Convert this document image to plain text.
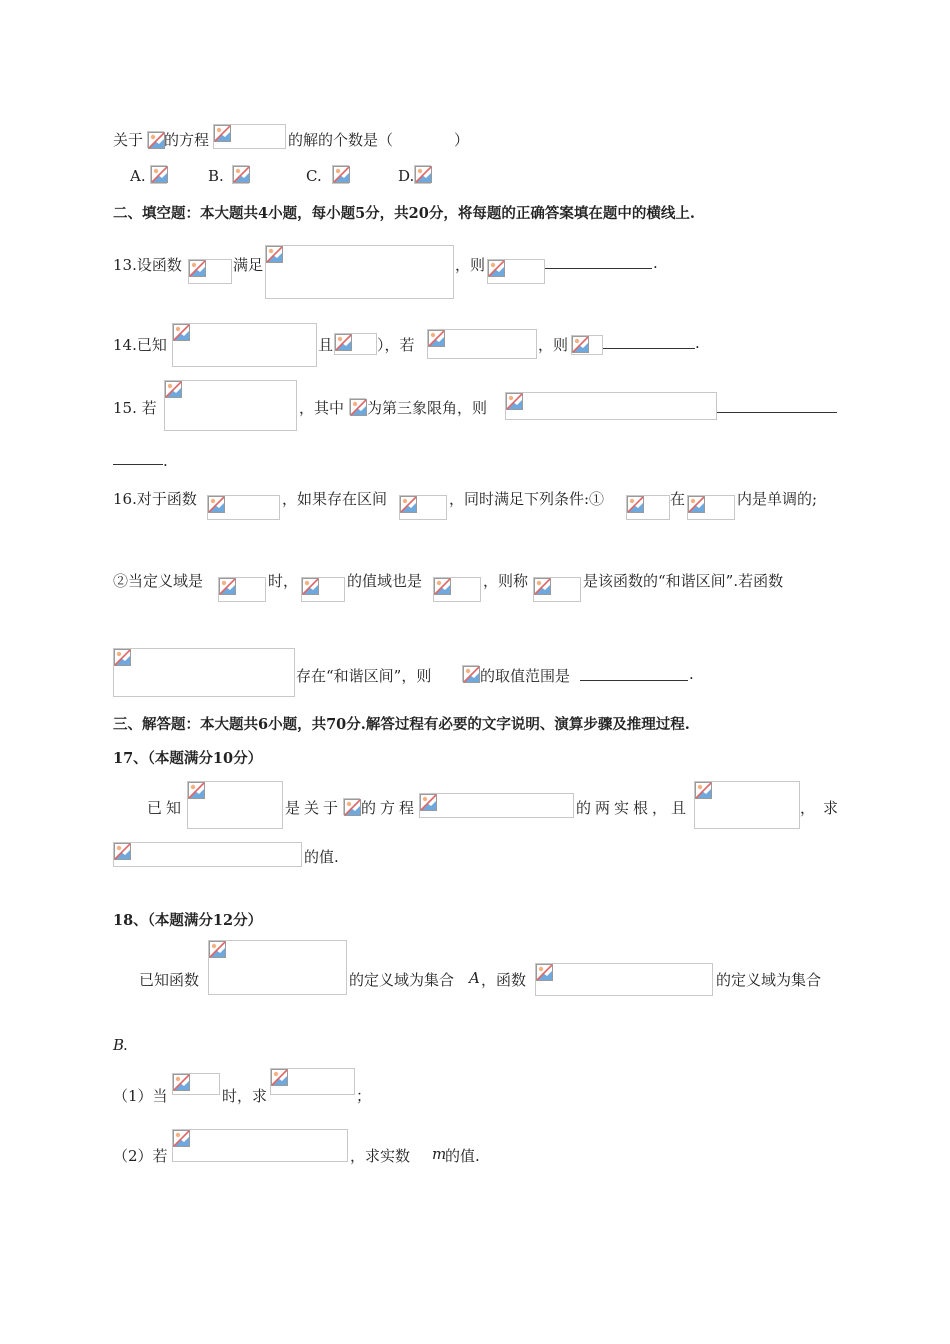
关于 的方程	的解的个数是（	）
A.	B.	C.	D.
二、填空题：本大题共4小题，每小题5分，共20分，将每题的正确答案填在题中的横线上.
13.设函数	满足	，则	.
14.已知	且	），若	，则	.
15. 若	，其中 为第三象限角，则
.
16.对于函数	，如果存在区间	，同时满足下列条件:①	在	内是单调的;
②当定义域是	时，	的值域也是	，则称	是该函数的“和谐区间”.若函数
存在“和谐区间”，则	的取值范围是	.
三、解答题：本大题共6小题，共70分.解答过程有必要的文字说明、演算步骤及推理过程.
17、（本题满分10分）
已知	是关于 的方程	的两实根，且	，求
的值.
18、（本题满分12分）
已知函数	的定义域为集合 A ，函数	的定义域为集合
B
.
（1）当	时，求	；
（2）若	，求实数 m
的值.
